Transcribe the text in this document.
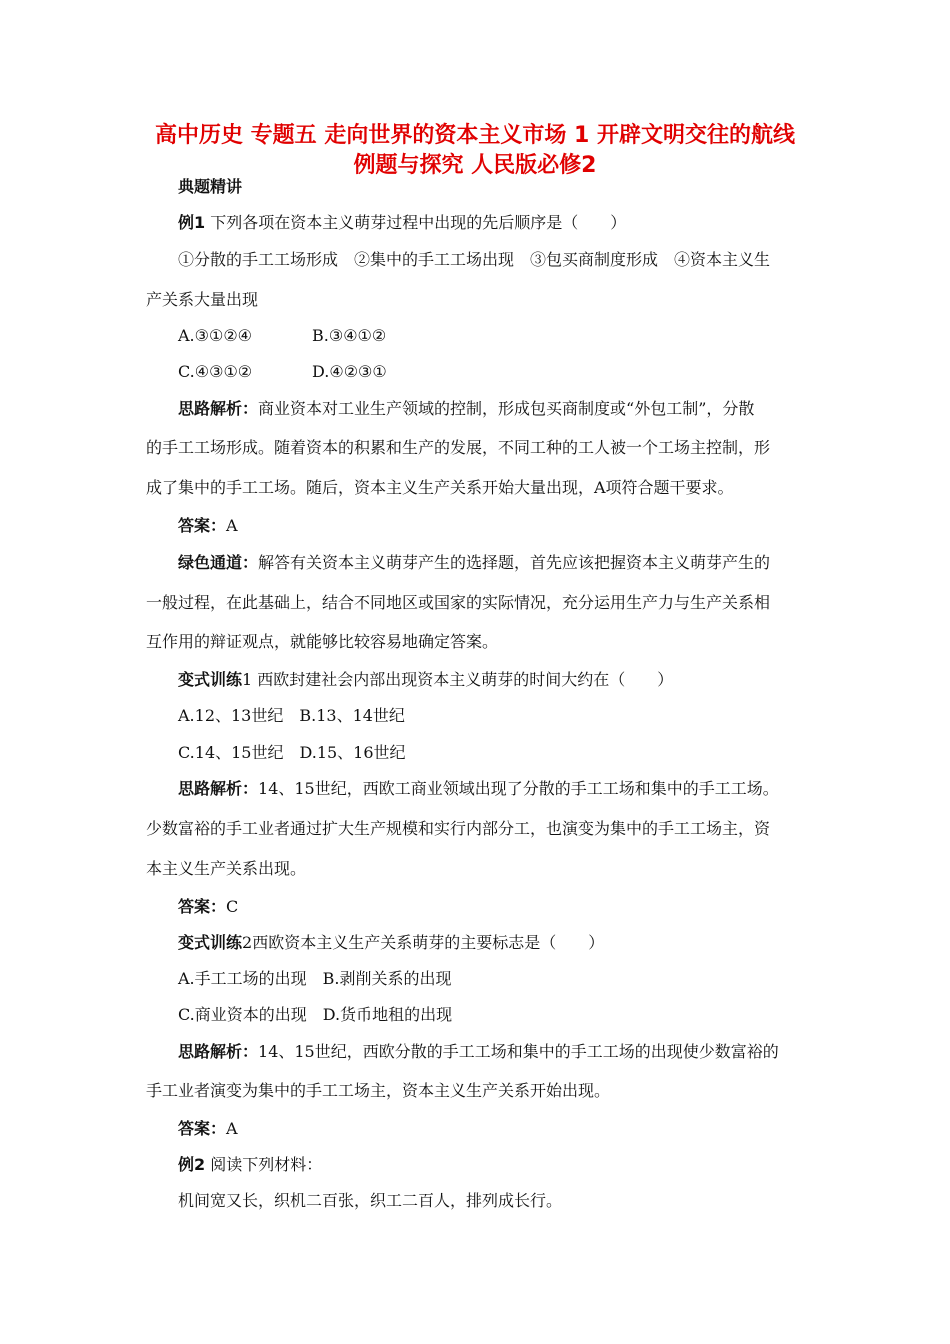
高中历史 专题五 走向世界的资本主义市场 1 开辟文明交往的航线
例题与探究 人民版必修2
典题精讲
例1 下列各项在资本主义萌芽过程中出现的先后顺序是（　　）
①分散的手工工场形成　②集中的手工工场出现　③包买商制度形成　④资本主义生
产关系大量出现
A.③①②④	B.③④①②
C.④③①②	D.④②③①
思路解析：商业资本对工业生产领域的控制，形成包买商制度或“外包工制”，分散
的手工工场形成。随着资本的积累和生产的发展，不同工种的工人被一个工场主控制，形
成了集中的手工工场。随后，资本主义生产关系开始大量出现，A项符合题干要求。
答案：A
绿色通道：解答有关资本主义萌芽产生的选择题，首先应该把握资本主义萌芽产生的
一般过程，在此基础上，结合不同地区或国家的实际情况，充分运用生产力与生产关系相
互作用的辩证观点，就能够比较容易地确定答案。
变式训练1 西欧封建社会内部出现资本主义萌芽的时间大约在（　　）
A.12、13世纪　B.13、14世纪
C.14、15世纪　D.15、16世纪
思路解析：14、15世纪，西欧工商业领域出现了分散的手工工场和集中的手工工场。
少数富裕的手工业者通过扩大生产规模和实行内部分工，也演变为集中的手工工场主，资
本主义生产关系出现。
答案：C
变式训练2西欧资本主义生产关系萌芽的主要标志是（　　）
A.手工工场的出现　B.剥削关系的出现
C.商业资本的出现　D.货币地租的出现
思路解析：14、15世纪，西欧分散的手工工场和集中的手工工场的出现使少数富裕的
手工业者演变为集中的手工工场主，资本主义生产关系开始出现。
答案：A
例2 阅读下列材料：
机间宽又长，织机二百张，织工二百人，排列成长行。
